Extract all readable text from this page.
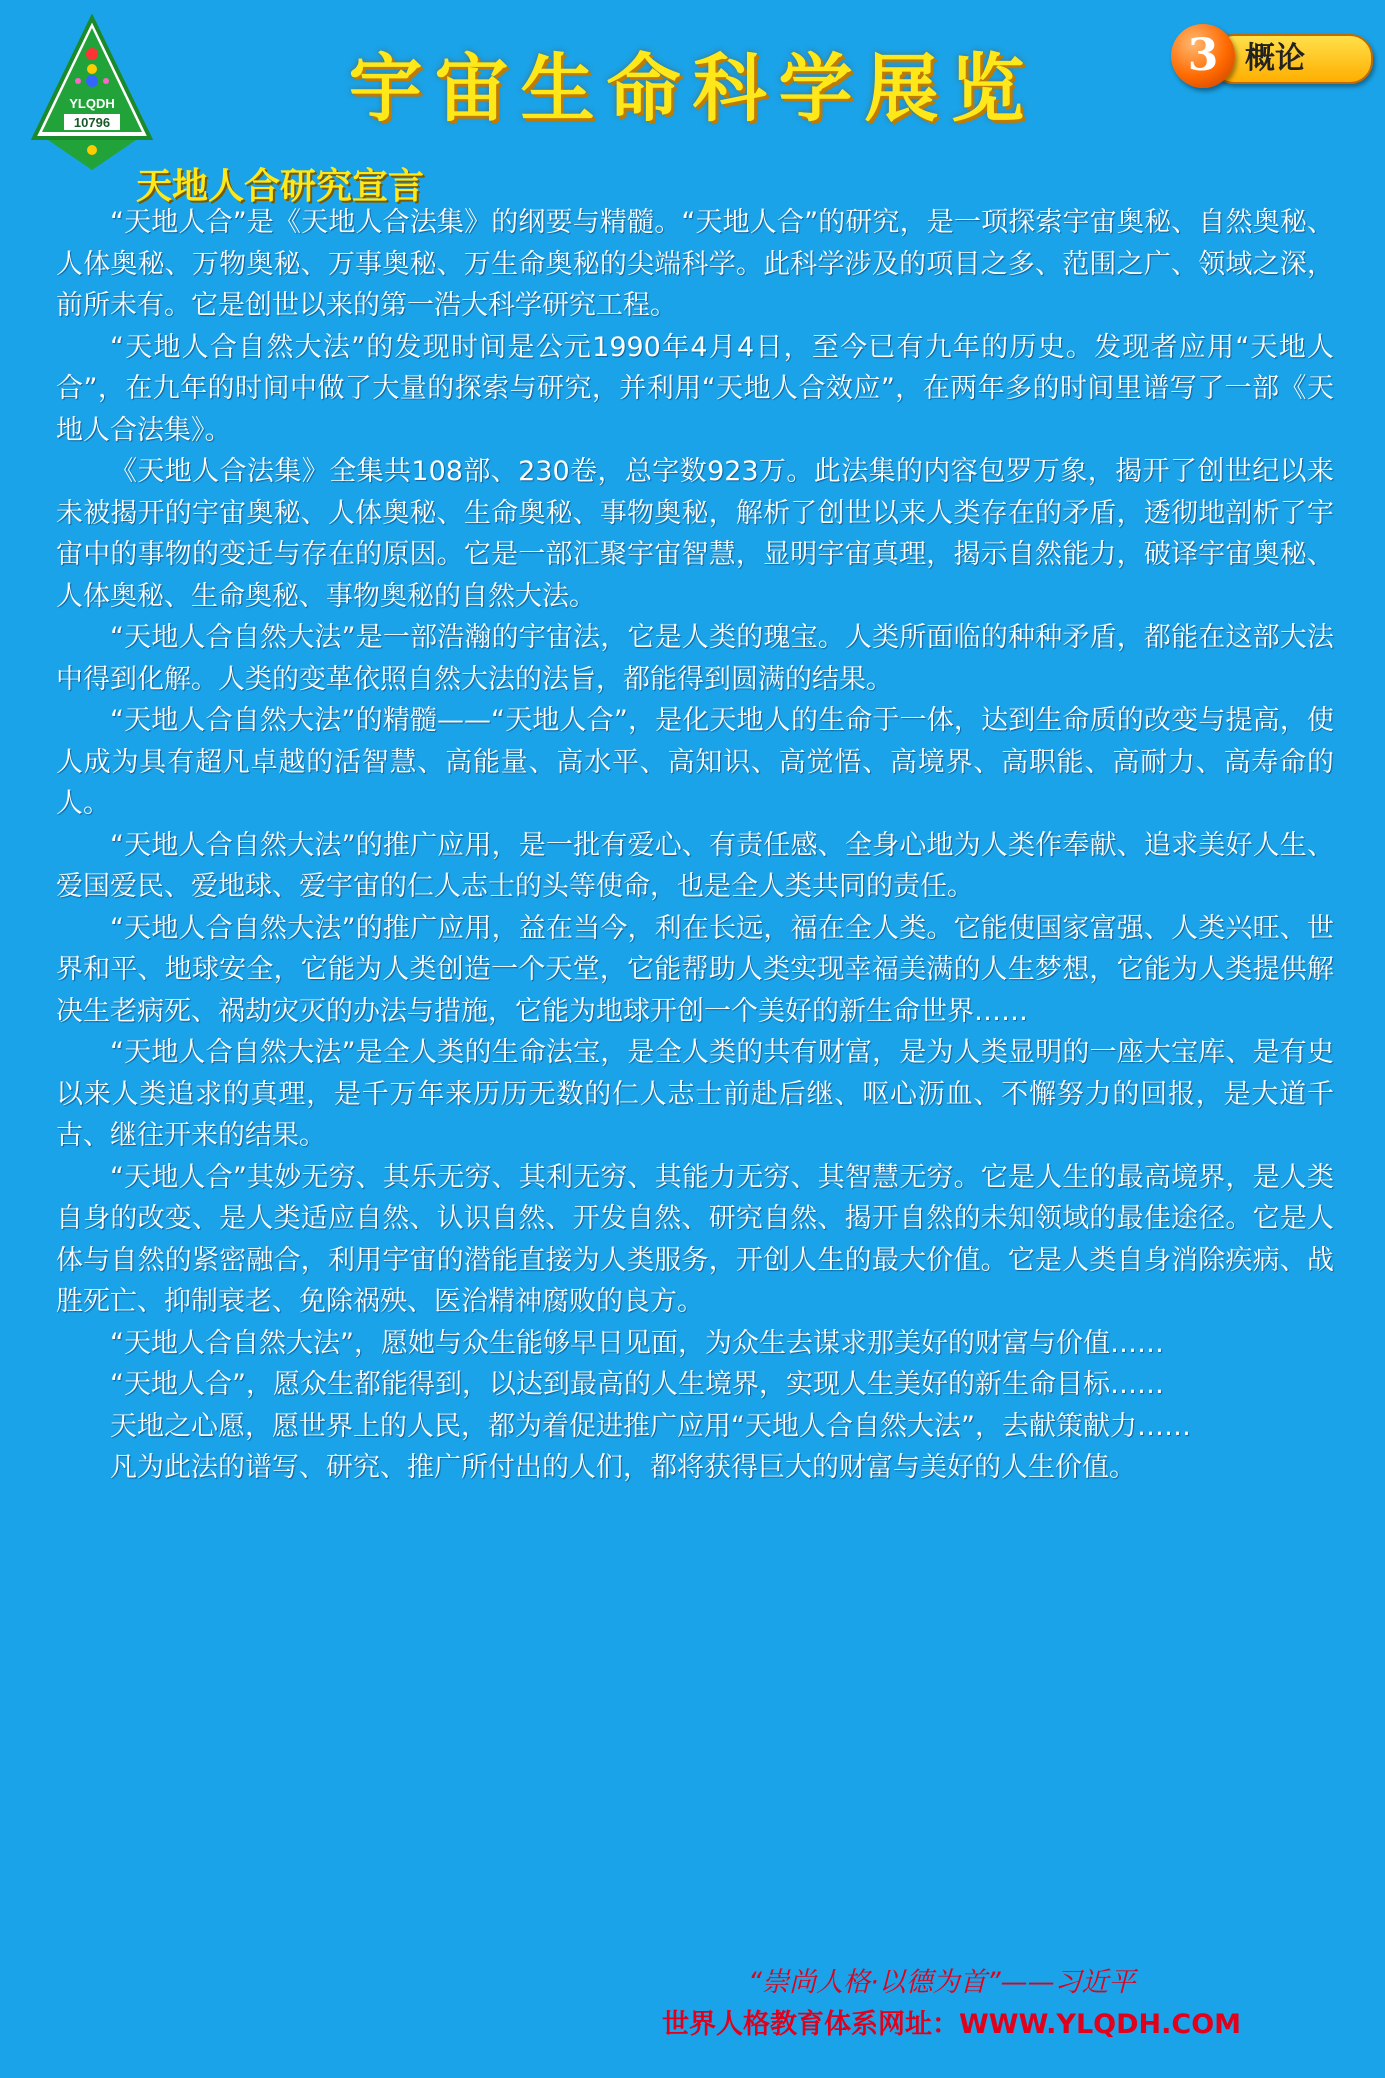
YLQDH
10796	宇宙生命科学展览	3 概论
天地人合研究宣言

“天地人合”是《天地人合法集》的纲要与精髓。“天地人合”的研究，是一项探索宇宙奥秘、自然奥秘、人体奥秘、万物奥秘、万事奥秘、万生命奥秘的尖端科学。此科学涉及的项目之多、范围之广、领域之深，前所未有。它是创世以来的第一浩大科学研究工程。

“天地人合自然大法”的发现时间是公元1990年4月4日，至今已有九年的历史。发现者应用“天地人合”，在九年的时间中做了大量的探索与研究，并利用“天地人合效应”，在两年多的时间里谱写了一部《天地人合法集》。

《天地人合法集》全集共108部、230卷，总字数923万。此法集的内容包罗万象，揭开了创世纪以来未被揭开的宇宙奥秘、人体奥秘、生命奥秘、事物奥秘，解析了创世以来人类存在的矛盾，透彻地剖析了宇宙中的事物的变迁与存在的原因。它是一部汇聚宇宙智慧，显明宇宙真理，揭示自然能力，破译宇宙奥秘、人体奥秘、生命奥秘、事物奥秘的自然大法。

“天地人合自然大法”是一部浩瀚的宇宙法，它是人类的瑰宝。人类所面临的种种矛盾，都能在这部大法中得到化解。人类的变革依照自然大法的法旨，都能得到圆满的结果。

“天地人合自然大法”的精髓——“天地人合”，是化天地人的生命于一体，达到生命质的改变与提高，使人成为具有超凡卓越的活智慧、高能量、高水平、高知识、高觉悟、高境界、高职能、高耐力、高寿命的人。

“天地人合自然大法”的推广应用，是一批有爱心、有责任感、全身心地为人类作奉献、追求美好人生、爱国爱民、爱地球、爱宇宙的仁人志士的头等使命，也是全人类共同的责任。

“天地人合自然大法”的推广应用，益在当今，利在长远，福在全人类。它能使国家富强、人类兴旺、世界和平、地球安全，它能为人类创造一个天堂，它能帮助人类实现幸福美满的人生梦想，它能为人类提供解决生老病死、祸劫灾灭的办法与措施，它能为地球开创一个美好的新生命世界……

“天地人合自然大法”是全人类的生命法宝，是全人类的共有财富，是为人类显明的一座大宝库、是有史以来人类追求的真理，是千万年来历历无数的仁人志士前赴后继、呕心沥血、不懈努力的回报，是大道千古、继往开来的结果。

“天地人合”其妙无穷、其乐无穷、其利无穷、其能力无穷、其智慧无穷。它是人生的最高境界，是人类自身的改变、是人类适应自然、认识自然、开发自然、研究自然、揭开自然的未知领域的最佳途径。它是人体与自然的紧密融合，利用宇宙的潜能直接为人类服务，开创人生的最大价值。它是人类自身消除疾病、战胜死亡、抑制衰老、免除祸殃、医治精神腐败的良方。

“天地人合自然大法”，愿她与众生能够早日见面，为众生去谋求那美好的财富与价值……

“天地人合”，愿众生都能得到，以达到最高的人生境界，实现人生美好的新生命目标……

天地之心愿，愿世界上的人民，都为着促进推广应用“天地人合自然大法”，去献策献力……

凡为此法的谱写、研究、推广所付出的人们，都将获得巨大的财富与美好的人生价值。

“崇尚人格·以德为首”——习近平
世界人格教育体系网址：WWW.YLQDH.COM
